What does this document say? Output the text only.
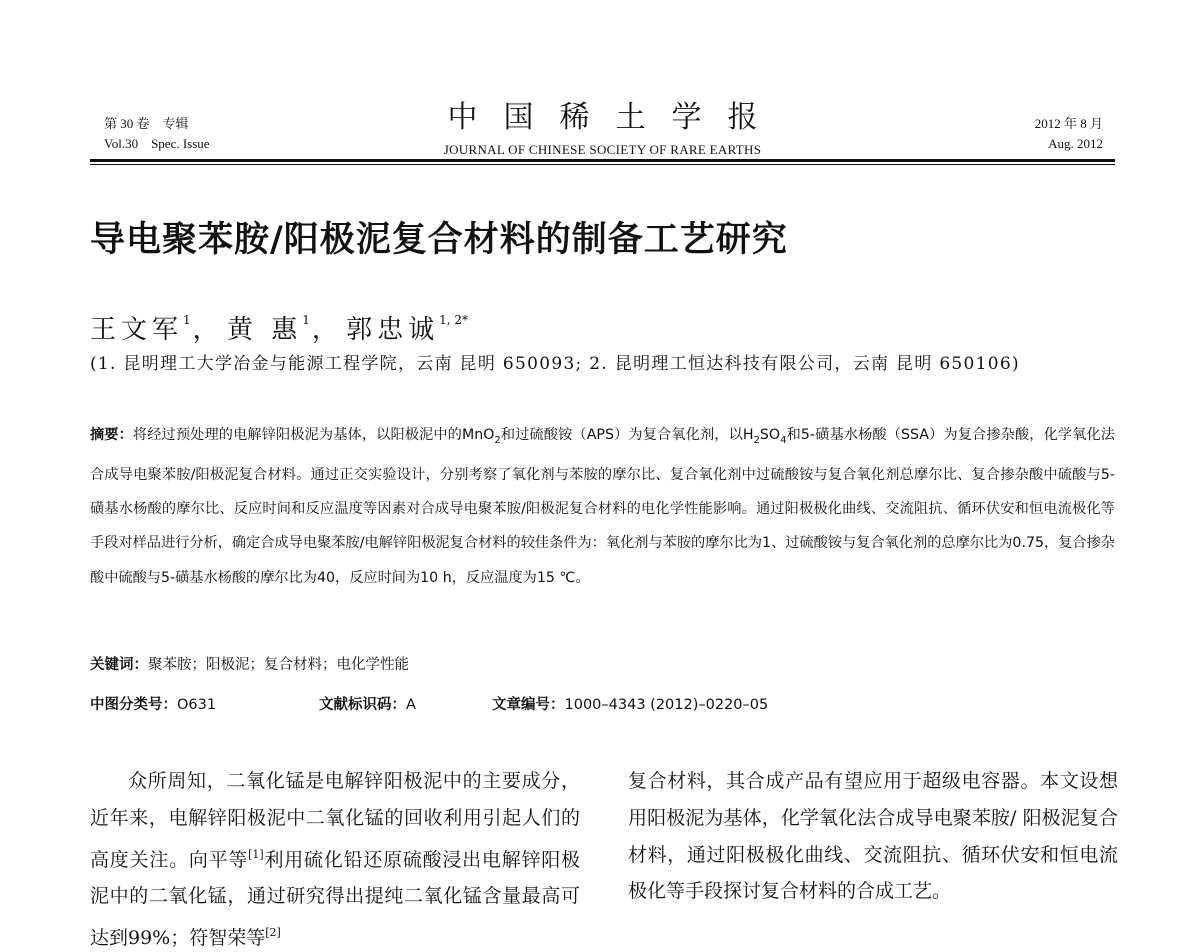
第 30 卷　专辑
Vol.30　Spec. Issue
中国稀土学报
JOURNAL OF CHINESE SOCIETY OF RARE EARTHS
2012 年 8 月
Aug. 2012
导电聚苯胺/阳极泥复合材料的制备工艺研究
王文军$^1$， 黄 惠$^1$， 郭忠诚$^{1, 2*}$
(1. 昆明理工大学冶金与能源工程学院，云南 昆明 650093; 2. 昆明理工恒达科技有限公司，云南 昆明 650106)
摘要：将经过预处理的电解锌阳极泥为基体，以阳极泥中的MnO$_2$和过硫酸铵（APS）为复合氧化剂，以$H_2SO_4$和5-磺基水杨酸（SSA）为复合掺杂酸，化学氧化法合成导电聚苯胺/阳极泥复合材料。通过正交实验设计，分别考察了氧化剂与苯胺的摩尔比、复合氧化剂中过硫酸铵与复合氧化剂总摩尔比、复合掺杂酸中硫酸与5-磺基水杨酸的摩尔比、反应时间和反应温度等因素对合成导电聚苯胺/阳极泥复合材料的电化学性能影响。通过阳极极化曲线、交流阻抗、循环伏安和恒电流极化等手段对样品进行分析，确定合成导电聚苯胺/电解锌阳极泥复合材料的较佳条件为：氧化剂与苯胺的摩尔比为1、过硫酸铵与复合氧化剂的总摩尔比为0.75，复合掺杂酸中硫酸与5-磺基水杨酸的摩尔比为40，反应时间为10 h，反应温度为15 ℃。
关键词：聚苯胺；阳极泥；复合材料；电化学性能
中图分类号：O631	文献标识码：A	文章编号：1000–4343 (2012)–0220–05

众所周知，二氧化锰是电解锌阳极泥中的主要成分，近年来，电解锌阳极泥中二氧化锰的回收利用引起人们的高度关注。向平等[1]利用硫化铅还原硫酸浸出电解锌阳极泥中的二氧化锰，通过研究得出提纯二氧化锰含量最高可达到99%；符智荣等[2]

复合材料，其合成产品有望应用于超级电容器。本文设想用阳极泥为基体，化学氧化法合成导电聚苯胺/ 阳极泥复合材料，通过阳极极化曲线、交流阻抗、循环伏安和恒电流极化等手段探讨复合材料的合成工艺。
